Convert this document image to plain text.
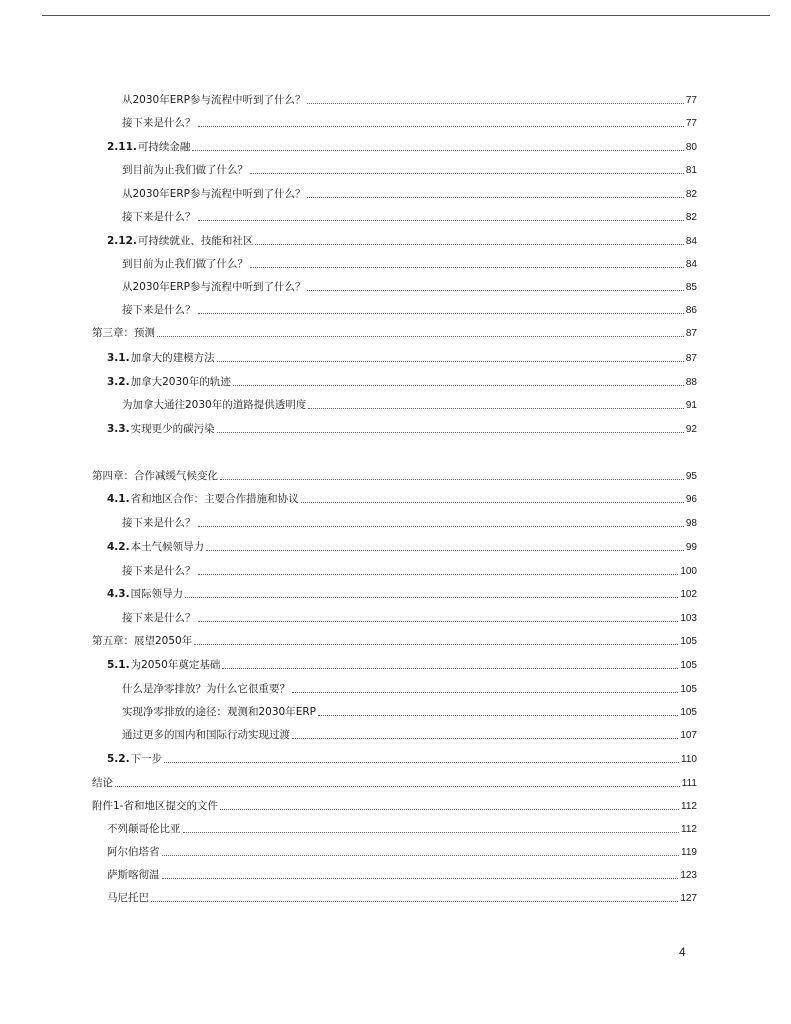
从2030年ERP参与流程中听到了什么？	77
接下来是什么？	77
2.11. 可持续金融	80
到目前为止我们做了什么？	81
从2030年ERP参与流程中听到了什么？	82
接下来是什么？	82
2.12. 可持续就业、技能和社区	84
到目前为止我们做了什么？	84
从2030年ERP参与流程中听到了什么？	85
接下来是什么？	86
第三章：预测	87
3.1. 加拿大的建模方法	87
3.2. 加拿大2030年的轨迹	88
为加拿大通往2030年的道路提供透明度	91
3.3. 实现更少的碳污染	92
第四章：合作减缓气候变化	95
4.1. 省和地区合作：主要合作措施和协议	96
接下来是什么？	98
4.2. 本土气候领导力	99
接下来是什么？	100
4.3. 国际领导力	102
接下来是什么？	103
第五章：展望2050年	105
5.1. 为2050年奠定基础	105
什么是净零排放？为什么它很重要？	105
实现净零排放的途径：观测和2030年ERP	105
通过更多的国内和国际行动实现过渡	107
5.2. 下一步	110
结论	111
附件1-省和地区提交的文件	112
不列颠哥伦比亚	112
阿尔伯塔省	119
萨斯喀彻温	123
马尼托巴	127
4
